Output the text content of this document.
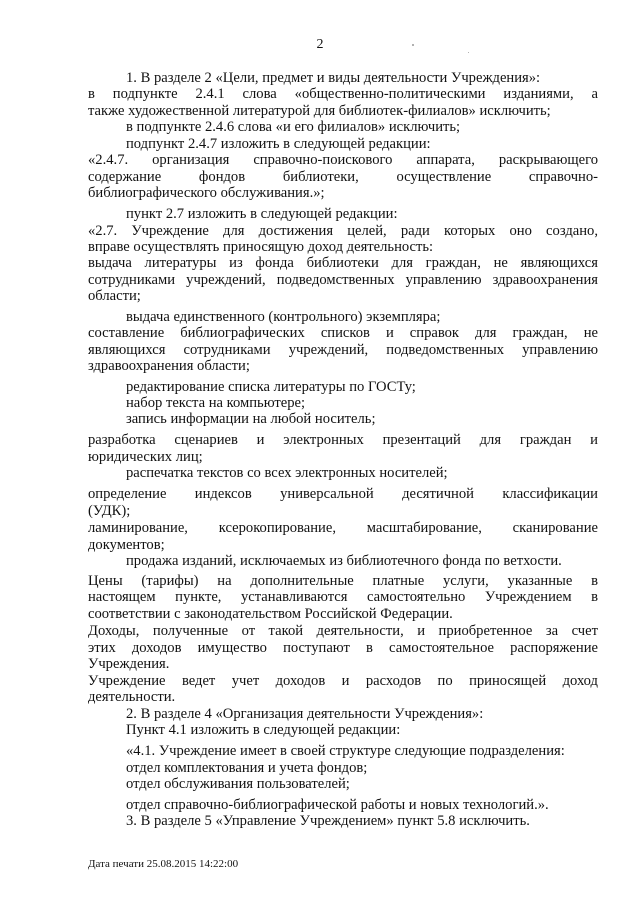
2
1. В разделе 2 «Цели, предмет и виды деятельности Учреждения»:
в подпункте 2.4.1 слова «общественно-политическими изданиями, а
также художественной литературой для библиотек-филиалов» исключить;
в подпункте 2.4.6 слова «и его филиалов» исключить;
подпункт 2.4.7 изложить в следующей редакции:
«2.4.7. организация справочно-поискового аппарата, раскрывающего
содержание фондов библиотеки, осуществление справочно-
библиографического обслуживания.»;
пункт 2.7 изложить в следующей редакции:
«2.7. Учреждение для достижения целей, ради которых оно создано,
вправе осуществлять приносящую доход деятельность:
выдача литературы из фонда библиотеки для граждан, не являющихся
сотрудниками учреждений, подведомственных управлению здравоохранения
области;
выдача единственного (контрольного) экземпляра;
составление библиографических списков и справок для граждан, не
являющихся сотрудниками учреждений, подведомственных управлению
здравоохранения области;
редактирование списка литературы по ГОСТу;
набор текста на компьютере;
запись информации на любой носитель;
разработка сценариев и электронных презентаций для граждан и
юридических лиц;
распечатка текстов со всех электронных носителей;
определение индексов универсальной десятичной классификации
(УДК);
ламинирование, ксерокопирование, масштабирование, сканирование
документов;
продажа изданий, исключаемых из библиотечного фонда по ветхости.
Цены (тарифы) на дополнительные платные услуги, указанные в
настоящем пункте, устанавливаются самостоятельно Учреждением в
соответствии с законодательством Российской Федерации.
Доходы, полученные от такой деятельности, и приобретенное за счет
этих доходов имущество поступают в самостоятельное распоряжение
Учреждения.
Учреждение ведет учет доходов и расходов по приносящей доход
деятельности.
2. В разделе 4 «Организация деятельности Учреждения»:
Пункт 4.1 изложить в следующей редакции:
«4.1. Учреждение имеет в своей структуре следующие подразделения:
отдел комплектования и учета фондов;
отдел обслуживания пользователей;
отдел справочно-библиографической работы и новых технологий.».
3. В разделе 5 «Управление Учреждением» пункт 5.8 исключить.
Дата печати 25.08.2015 14:22:00
